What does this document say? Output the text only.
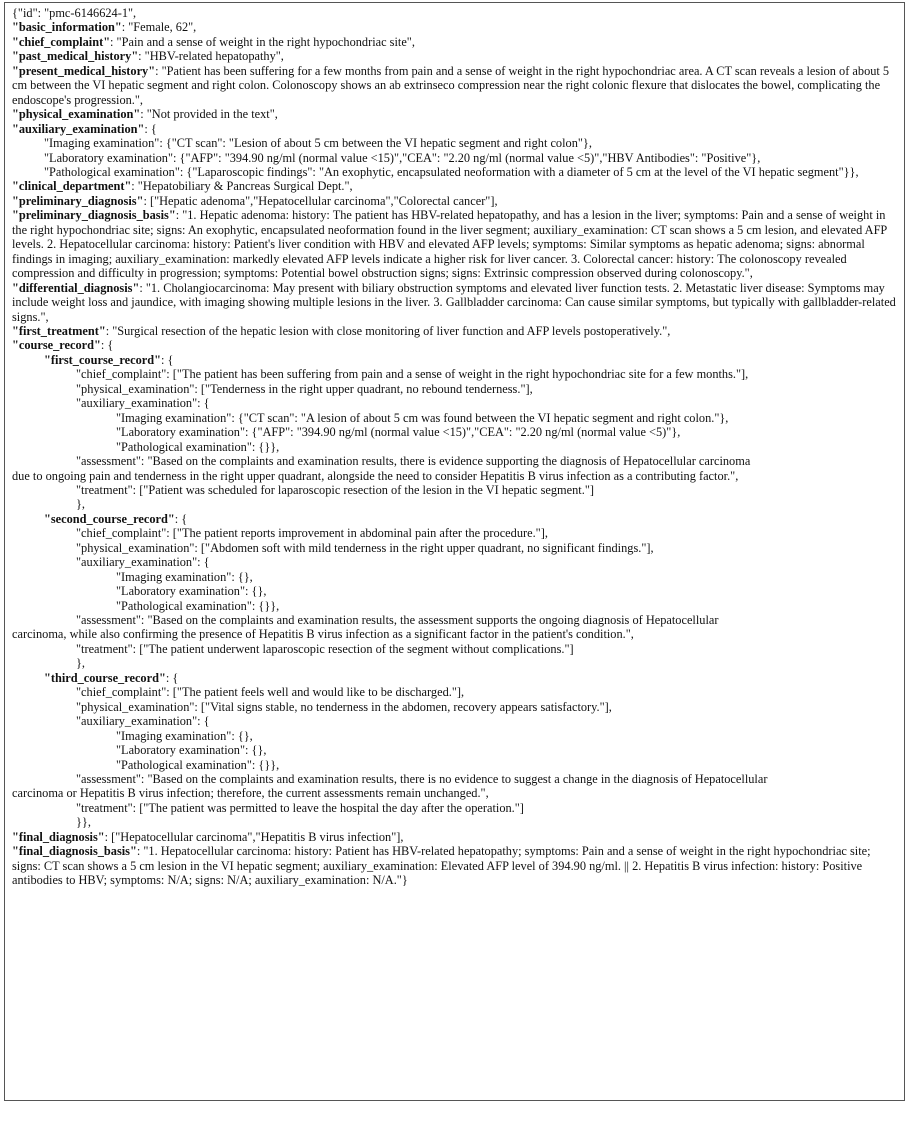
{"id": "pmc-6146624-1",

"basic_information": "Female, 62",

"chief_complaint": "Pain and a sense of weight in the right hypochondriac site",

"past_medical_history": "HBV-related hepatopathy",

"present_medical_history": "Patient has been suffering for a few months from pain and a sense of weight in the right hypochondriac area. A CT scan reveals a lesion of about 5 cm between the VI hepatic segment and right colon. Colonoscopy shows an ab extrinseco compression near the right colonic flexure that dislocates the bowel, complicating the endoscope's progression.",

"physical_examination": "Not provided in the text",

"auxiliary_examination": {

"Imaging examination": {"CT scan": "Lesion of about 5 cm between the VI hepatic segment and right colon"},

"Laboratory examination": {"AFP": "394.90 ng/ml (normal value <15)","CEA": "2.20 ng/ml (normal value <5)","HBV Antibodies": "Positive"},

"Pathological examination": {"Laparoscopic findings": "An exophytic, encapsulated neoformation with a diameter of 5 cm at the level of the VI hepatic segment"}},

"clinical_department": "Hepatobiliary & Pancreas Surgical Dept.",

"preliminary_diagnosis": ["Hepatic adenoma","Hepatocellular carcinoma","Colorectal cancer"],

"preliminary_diagnosis_basis": "1. Hepatic adenoma: history: The patient has HBV-related hepatopathy, and has a lesion in the liver; symptoms: Pain and a sense of weight in the right hypochondriac site; signs: An exophytic, encapsulated neoformation found in the liver segment; auxiliary_examination: CT scan shows a 5 cm lesion, and elevated AFP levels. 2. Hepatocellular carcinoma: history: Patient's liver condition with HBV and elevated AFP levels; symptoms: Similar symptoms as hepatic adenoma; signs: abnormal findings in imaging; auxiliary_examination: markedly elevated AFP levels indicate a higher risk for liver cancer. 3. Colorectal cancer: history: The colonoscopy revealed compression and difficulty in progression; symptoms: Potential bowel obstruction signs; signs: Extrinsic compression observed during colonoscopy.",

"differential_diagnosis": "1. Cholangiocarcinoma: May present with biliary obstruction symptoms and elevated liver function tests. 2. Metastatic liver disease: Symptoms may include weight loss and jaundice, with imaging showing multiple lesions in the liver. 3. Gallbladder carcinoma: Can cause similar symptoms, but typically with gallbladder-related signs.",

"first_treatment": "Surgical resection of the hepatic lesion with close monitoring of liver function and AFP levels postoperatively.",

"course_record": {

"first_course_record": {

"chief_complaint": ["The patient has been suffering from pain and a sense of weight in the right hypochondriac site for a few months."],

"physical_examination": ["Tenderness in the right upper quadrant, no rebound tenderness."],

"auxiliary_examination": {

"Imaging examination": {"CT scan": "A lesion of about 5 cm was found between the VI hepatic segment and right colon."},

"Laboratory examination": {"AFP": "394.90 ng/ml (normal value <15)","CEA": "2.20 ng/ml (normal value <5)"},

"Pathological examination": {}},

"assessment": "Based on the complaints and examination results, there is evidence supporting the diagnosis of Hepatocellular carcinoma

due to ongoing pain and tenderness in the right upper quadrant, alongside the need to consider Hepatitis B virus infection as a contributing factor.",

"treatment": ["Patient was scheduled for laparoscopic resection of the lesion in the VI hepatic segment."]

},

"second_course_record": {

"chief_complaint": ["The patient reports improvement in abdominal pain after the procedure."],

"physical_examination": ["Abdomen soft with mild tenderness in the right upper quadrant, no significant findings."],

"auxiliary_examination": {

"Imaging examination": {},

"Laboratory examination": {},

"Pathological examination": {}},

"assessment": "Based on the complaints and examination results, the assessment supports the ongoing diagnosis of Hepatocellular

carcinoma, while also confirming the presence of Hepatitis B virus infection as a significant factor in the patient's condition.",

"treatment": ["The patient underwent laparoscopic resection of the segment without complications."]

},

"third_course_record": {

"chief_complaint": ["The patient feels well and would like to be discharged."],

"physical_examination": ["Vital signs stable, no tenderness in the abdomen, recovery appears satisfactory."],

"auxiliary_examination": {

"Imaging examination": {},

"Laboratory examination": {},

"Pathological examination": {}},

"assessment": "Based on the complaints and examination results, there is no evidence to suggest a change in the diagnosis of Hepatocellular

carcinoma or Hepatitis B virus infection; therefore, the current assessments remain unchanged.",

"treatment": ["The patient was permitted to leave the hospital the day after the operation."]

}},

"final_diagnosis": ["Hepatocellular carcinoma","Hepatitis B virus infection"],

"final_diagnosis_basis": "1. Hepatocellular carcinoma: history: Patient has HBV-related hepatopathy; symptoms: Pain and a sense of weight in the right hypochondriac site; signs: CT scan shows a 5 cm lesion in the VI hepatic segment; auxiliary_examination: Elevated AFP level of 394.90 ng/ml. || 2. Hepatitis B virus infection: history: Positive antibodies to HBV; symptoms: N/A; signs: N/A; auxiliary_examination: N/A."}
